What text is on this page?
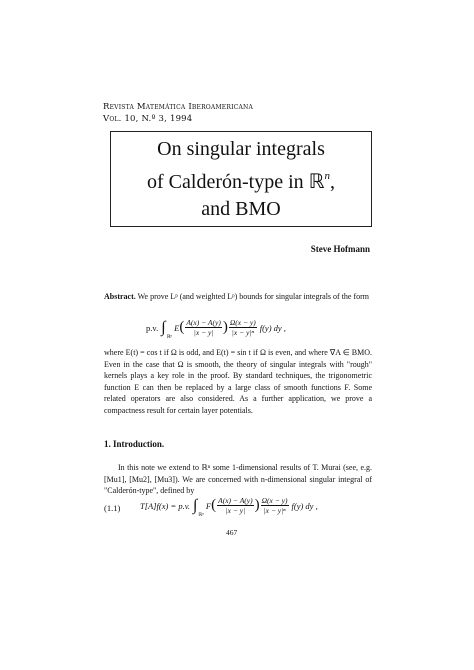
Revista Matemática Iberoamericana
Vol. 10, N.º 3, 1994
On singular integrals
of Calderón-type in ℝ$^n$,
and BMO
Steve Hofmann
Abstract. We prove Lᵖ (and weighted Lᵖ) bounds for singular integrals of the form
p.v. ∫
ℝⁿ
E ( $\frac{A(x) - A(y)}{|x - y|}$ ) $\frac{\Omega(x - y)}{\text{|x − y|ⁿ}} f(y)$ dy ,
where E(t) = cos t if Ω is odd, and E(t) = sin t if Ω is even, and where ∇A ∈ BMO. Even in the case that Ω is smooth, the theory of singular integrals with "rough" kernels plays a key role in the proof. By standard techniques, the trigonometric function E can then be replaced by a large class of smooth functions F. Some related operators are also considered. As a further application, we prove a compactness result for certain layer potentials.
1. Introduction.
In this note we extend to ℝⁿ some 1-dimensional results of T. Murai (see, e.g. [Mu1], [Mu2], [Mu3]). We are concerned with n-dimensional singular integral of "Calderón-type", defined by
(1.1) T[A]f(x) = p.v. ∫
ℝⁿ
F ( $\frac{A(x) - A(y)}{|x - y|}$ ) $\frac{\Omega(x - y)}{\text{|x − y|ⁿ}} f(y)$ dy ,
467
